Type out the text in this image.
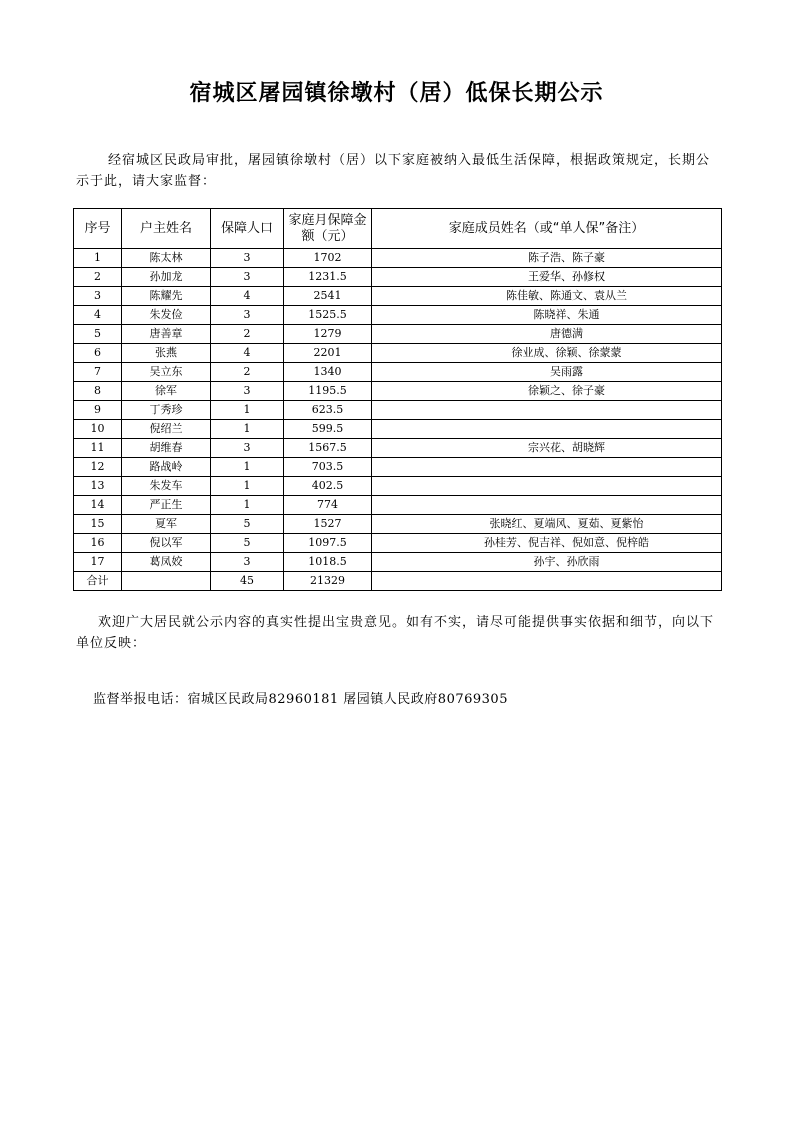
宿城区屠园镇徐墩村（居）低保长期公示
经宿城区民政局审批，屠园镇徐墩村（居）以下家庭被纳入最低生活保障，根据政策规定，长期公示于此，请大家监督：
序号	户主姓名	保障人口	家庭月保障金额（元）	家庭成员姓名（或“单人保”备注）
1	陈太林	3	1702	陈子浩、陈子豪
2	孙加龙	3	1231.5	王爱华、孙修权
3	陈耀先	4	2541	陈佳敏、陈通文、袁从兰
4	朱发俭	3	1525.5	陈晓祥、朱通
5	唐善章	2	1279	唐德满
6	张燕	4	2201	徐业成、徐颖、徐蒙蒙
7	吴立东	2	1340	吴雨露
8	徐军	3	1195.5	徐颖之、徐子豪
9	丁秀珍	1	623.5	
10	倪绍兰	1	599.5	
11	胡维春	3	1567.5	宗兴花、胡晓辉
12	路战岭	1	703.5	
13	朱发车	1	402.5	
14	严正生	1	774	
15	夏军	5	1527	张晓红、夏端风、夏茹、夏紫怡
16	倪以军	5	1097.5	孙桂芳、倪吉祥、倪如意、倪梓皓
17	葛凤姣	3	1018.5	孙宇、孙欣雨
合计		45	21329	
欢迎广大居民就公示内容的真实性提出宝贵意见。如有不实，请尽可能提供事实依据和细节，向以下单位反映：
监督举报电话：宿城区民政局82960181 屠园镇人民政府80769305
